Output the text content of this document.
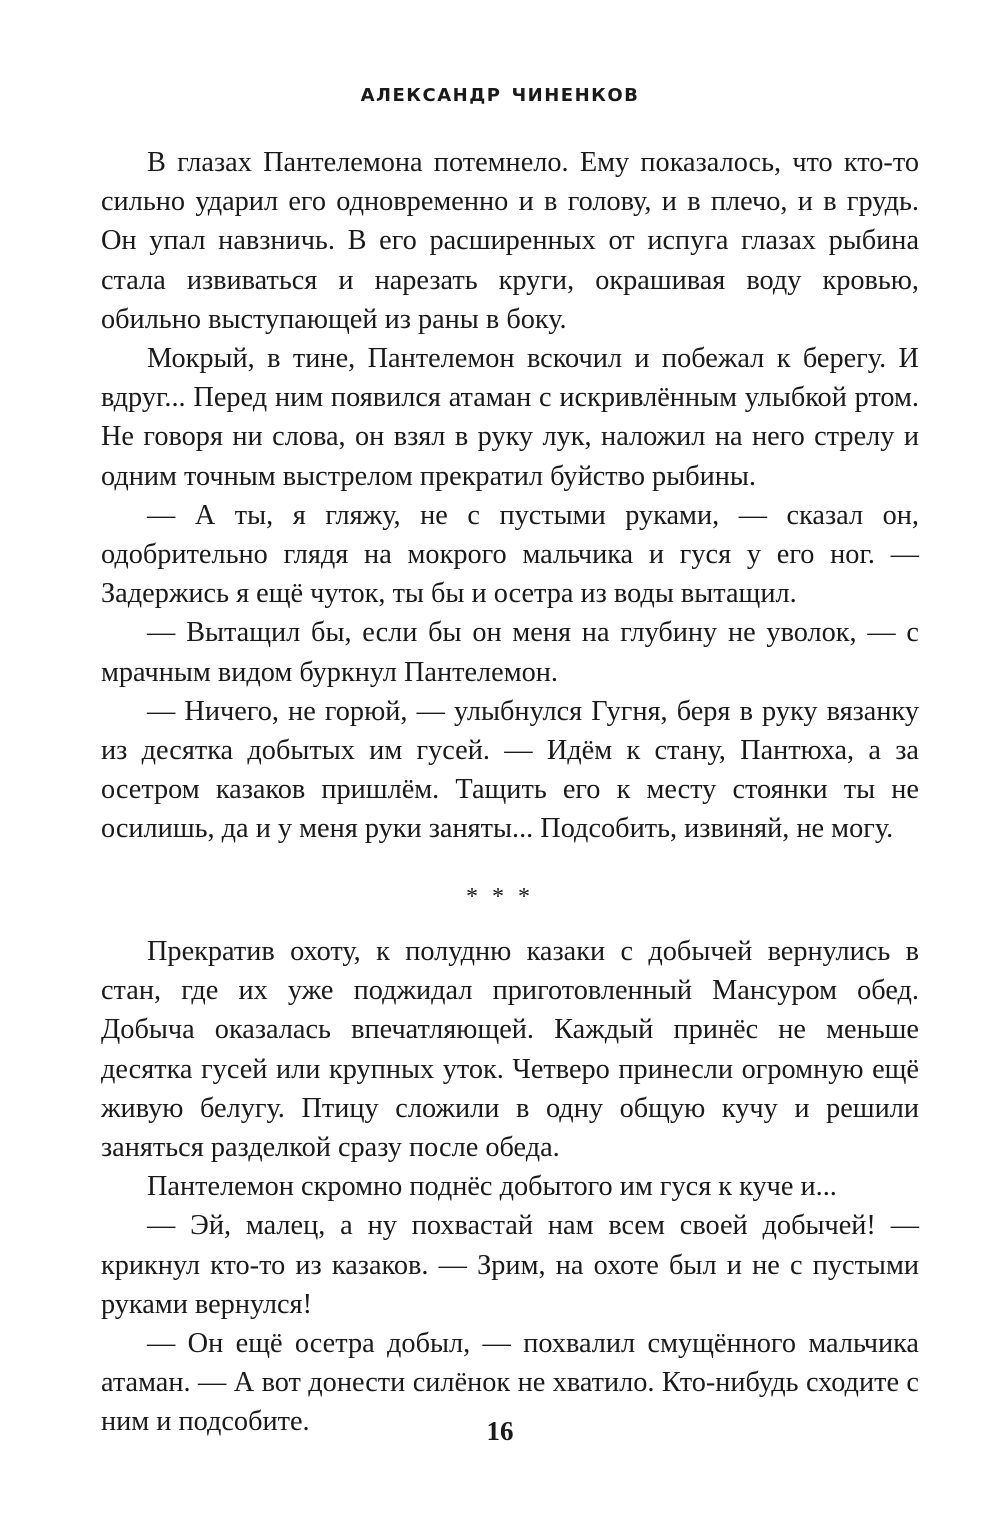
александр чиненков

В глазах Пантелемона потемнело. Ему показалось, что кто-то сильно ударил его одновременно и в голову, и в плечо, и в грудь. Он упал навзничь. В его расширенных от испуга глазах рыбина стала извиваться и нарезать круги, окрашивая воду кровью, обильно выступающей из раны в боку.

Мокрый, в тине, Пантелемон вскочил и побежал к берегу. И вдруг... Перед ним появился атаман с искривлённым улыбкой ртом. Не говоря ни слова, он взял в руку лук, наложил на него стрелу и одним точным выстрелом прекратил буйство рыбины.

— А ты, я гляжу, не с пустыми руками, — сказал он, одобрительно глядя на мокрого мальчика и гуся у его ног. — Задержись я ещё чуток, ты бы и осетра из воды вытащил.

— Вытащил бы, если бы он меня на глубину не уволок, — с мрачным видом буркнул Пантелемон.

— Ничего, не горюй, — улыбнулся Гугня, беря в руку вязанку из десятка добытых им гусей. — Идём к стану, Пантюха, а за осетром казаков пришлём. Тащить его к месту стоянки ты не осилишь, да и у меня руки заняты... Подсобить, извиняй, не могу.

* * *

Прекратив охоту, к полудню казаки с добычей вернулись в стан, где их уже поджидал приготовленный Мансуром обед. Добыча оказалась впечатляющей. Каждый принёс не меньше десятка гусей или крупных уток. Четверо принесли огромную ещё живую белугу. Птицу сложили в одну общую кучу и решили заняться разделкой сразу после обеда.

Пантелемон скромно поднёс добытого им гуся к куче и...

— Эй, малец, а ну похвастай нам всем своей добычей! — крикнул кто-то из казаков. — Зрим, на охоте был и не с пустыми руками вернулся!

— Он ещё осетра добыл, — похвалил смущённого мальчика атаман. — А вот донести силёнок не хватило. Кто-нибудь сходите с ним и подсобите.	16
